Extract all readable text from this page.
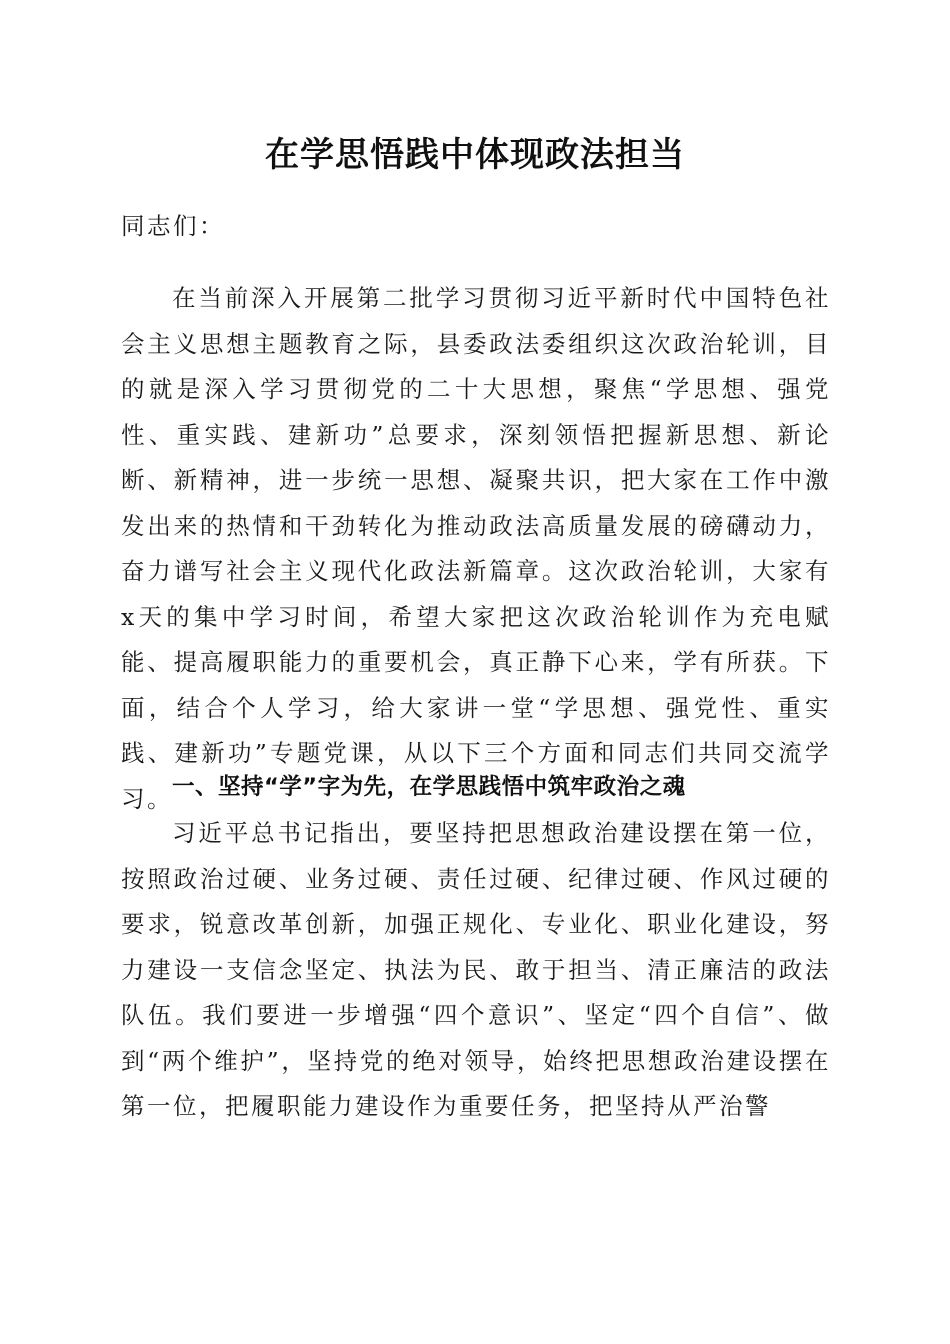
在学思悟践中体现政法担当
同志们：
在当前深入开展第二批学习贯彻习近平新时代中国特色社会主义思想主题教育之际，县委政法委组织这次政治轮训，目的就是深入学习贯彻党的二十大思想，聚焦“学思想、强党性、重实践、建新功”总要求，深刻领悟把握新思想、新论断、新精神，进一步统一思想、凝聚共识，把大家在工作中激发出来的热情和干劲转化为推动政法高质量发展的磅礴动力，奋力谱写社会主义现代化政法新篇章。这次政治轮训，大家有x天的集中学习时间，希望大家把这次政治轮训作为充电赋能、提高履职能力的重要机会，真正静下心来，学有所获。下面，结合个人学习，给大家讲一堂“学思想、强党性、重实践、建新功”专题党课，从以下三个方面和同志们共同交流学习。 一、坚持“学”字为先，在学思践悟中筑牢政治之魂
习近平总书记指出，要坚持把思想政治建设摆在第一位，按照政治过硬、业务过硬、责任过硬、纪律过硬、作风过硬的要求，锐意改革创新，加强正规化、专业化、职业化建设，努力建设一支信念坚定、执法为民、敢于担当、清正廉洁的政法队伍。我们要进一步增强“四个意识”、坚定“四个自信”、做到“两个维护”，坚持党的绝对领导，始终把思想政治建设摆在第一位，把履职能力建设作为重要任务，把坚持从严治警
